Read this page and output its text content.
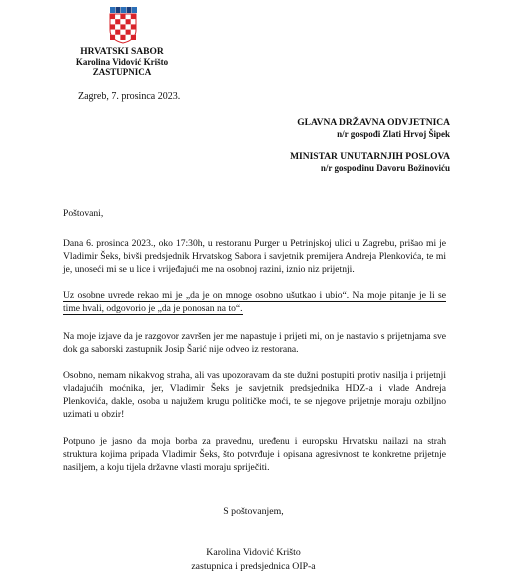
HRVATSKI SABOR
Karolina Vidović Krišto
ZASTUPNICA
Zagreb, 7. prosinca 2023.
GLAVNA DRŽAVNA ODVJETNICA
n/r gospođi Zlati Hrvoj Šipek
MINISTAR UNUTARNJIH POSLOVA
n/r gospodinu Davoru Božinoviću
Poštovani,
Dana 6. prosinca 2023., oko 17:30h, u restoranu Purger u Petrinjskoj ulici u Zagrebu, prišao mi je Vladimir Šeks, bivši predsjednik Hrvatskog Sabora i savjetnik premijera Andreja Plenkovića, te mi je, unoseći mi se u lice i vrijeđajući me na osobnoj razini, iznio niz prijetnji.
Uz osobne uvrede rekao mi je „da je on mnoge osobno ušutkao i ubio“. Na moje pitanje je li se time hvali, odgovorio je „da je ponosan na to“.
Na moje izjave da je razgovor završen jer me napastuje i prijeti mi, on je nastavio s prijetnjama sve dok ga saborski zastupnik Josip Šarić nije odveo iz restorana.
Osobno, nemam nikakvog straha, ali vas upozoravam da ste dužni postupiti protiv nasilja i prijetnji vladajućih moćnika, jer, Vladimir Šeks je savjetnik predsjednika HDZ-a i vlade Andreja Plenkovića, dakle, osoba u najužem krugu političke moći, te se njegove prijetnje moraju ozbiljno uzimati u obzir!
Potpuno je jasno da moja borba za pravednu, uređenu i europsku Hrvatsku nailazi na strah struktura kojima pripada Vladimir Šeks, što potvrđuje i opisana agresivnost te konkretne prijetnje nasiljem, a koju tijela državne vlasti moraju spriječiti.
S poštovanjem,
Karolina Vidović Krišto
zastupnica i predsjednica OIP-a
